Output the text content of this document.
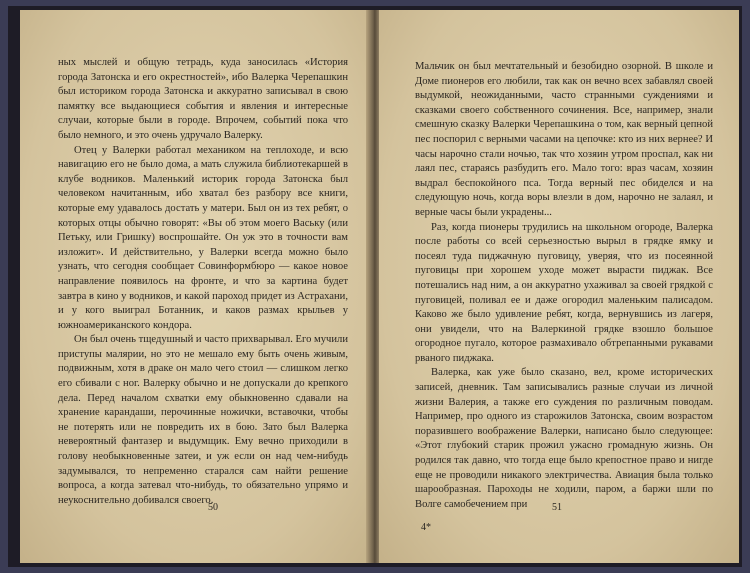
ных мыслей и общую тетрадь, куда заносилась «История города Затонска и его окрестностей», ибо Валерка Черепашкин был историком города Затонска и аккуратно записывал в свою памятку все выдающиеся события и явления и интересные случаи, которые были в городе. Впрочем, событий пока что было немного, и это очень удручало Валерку.

Отец у Валерки работал механиком на теплоходе, и всю навигацию его не было дома, а мать служила библиотекаршей в клубе водников. Маленький историк города Затонска был человеком начитанным, ибо хватал без разбору все книги, которые ему удавалось достать у матери. Был он из тех ребят, о которых отцы обычно говорят: «Вы об этом моего Ваську (или Петьку, или Гришку) воспрошайте. Он уж это в точности вам изложит». И действительно, у Валерки всегда можно было узнать, что сегодня сообщает Совинформбюро — какое новое направление появилось на фронте, и что за картина будет завтра в кино у водников, и какой пароход придет из Астрахани, и у кого выиграл Ботанник, и каков размах крыльев у южноамериканского кондора.

Он был очень тщедушный и часто прихварывал. Его мучили приступы малярии, но это не мешало ему быть очень живым, подвижным, хотя в драке он мало чего стоил — слишком легко его сбивали с ног. Валерку обычно и не допускали до крепкого дела. Перед началом схватки ему обыкновенно сдавали на хранение карандаши, перочинные ножички, вставочки, чтобы не потерять или не повредить их в бою. Зато был Валерка невероятный фантазер и выдумщик. Ему вечно приходили в голову необыкновенные затеи, и уж если он над чем-нибудь задумывался, то непременно старался сам найти решение вопроса, а когда затевал что-нибудь, то обязательно упрямо и неукоснительно добивался своего.

50

Мальчик он был мечтательный и безобидно озорной. В школе и Доме пионеров его любили, так как он вечно всех забавлял своей выдумкой, неожиданными, часто странными суждениями и сказками своего собственного сочинения. Все, например, знали смешную сказку Валерки Черепашкина о том, как верный цепной пес поспорил с верными часами на цепочке: кто из них вернее? И часы нарочно стали ночью, так что хозяин утром проспал, как ни лаял пес, стараясь разбудить его. Мало того: враз часам, хозяин выдрал беспокойного пса. Тогда верный пес обиделся и на следующую ночь, когда воры влезли в дом, нарочно не залаял, и верные часы были украдены...

Раз, когда пионеры трудились на школьном огороде, Валерка после работы со всей серьезностью вырыл в грядке ямку и посеял туда пиджачную пуговицу, уверяя, что из посеянной пуговицы при хорошем уходе может вырасти пиджак. Все потешались над ним, а он аккуратно ухаживал за своей грядкой с пуговицей, поливал ее и даже огородил маленьким палисадом. Каково же было удивление ребят, когда, вернувшись из лагеря, они увидели, что на Валеркиной грядке взошло большое огородное пугало, которое размахивало обтрепанными рукавами рваного пиджака.

Валерка, как уже было сказано, вел, кроме исторических записей, дневник. Там записывались разные случаи из личной жизни Валерия, а также его суждения по различным поводам. Например, про одного из старожилов Затонска, своим возрастом поразившего воображение Валерки, написано было следующее: «Этот глубокий старик прожил ужасно громадную жизнь. Он родился так давно, что тогда еще было крепостное право и нигде еще не проводили никакого электричества. Авиация была только шарообразная. Пароходы не ходили, паром, а баржи шли по Волге самобечением при

4*
51
